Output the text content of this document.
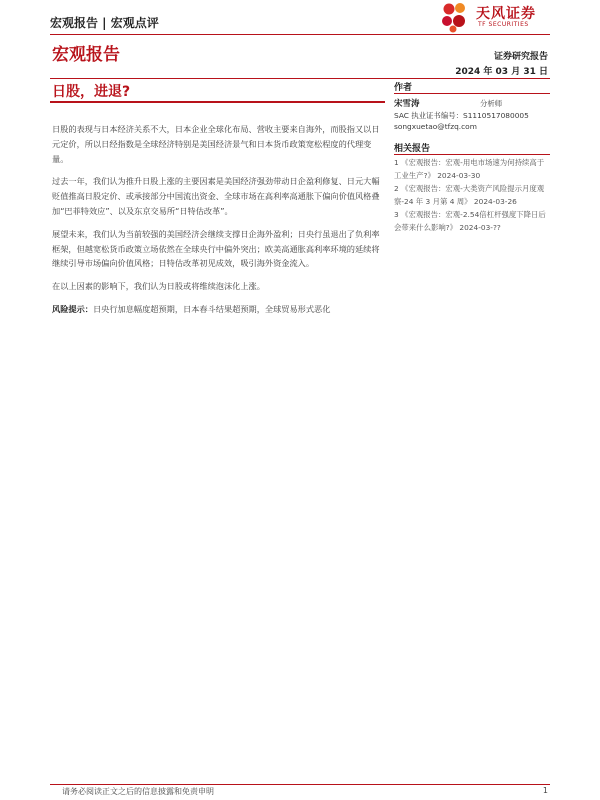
宏观报告 | 宏观点评
天风证券
TF SECURITIES
宏观报告	证券研究报告
2024 年 03 月 31 日
日股，进退?

日股的表现与日本经济关系不大，日本企业全球化布局、营收主要来自海外，而股指又以日元定价，所以日经指数是全球经济特别是美国经济景气和日本货币政策宽松程度的代理变量。

过去一年，我们认为推升日股上涨的主要因素是美国经济强劲带动日企盈利修复、日元大幅贬值推高日股定价、或承接部分中国流出资金、全球市场在高利率高通胀下偏向价值风格叠加“巴菲特效应”、以及东京交易所“日特估改革”。

展望未来，我们认为当前较强的美国经济会继续支撑日企海外盈利；日央行虽退出了负利率框架，但越宽松货币政策立场依然在全球央行中偏外突出；欧美高通胀高利率环境的延续将继续引导市场偏向价值风格；日特估改革初见成效，吸引海外资金流入。

在以上因素的影响下，我们认为日股或将维续泡沫化上涨。

风险提示：日央行加息幅度超预期，日本春斗结果超预期，全球贸易形式恶化

作者
宋雪涛	分析师
SAC 执业证书编号：S1110517080005
songxuetao@tfzq.com
相关报告
1 《宏观报告：宏观-用电市场速为何持续高于工业生产?》 2024-03-30
2 《宏观报告：宏观-大类资产风险提示月度观察-24 年 3 月第 4 周》 2024-03-26
3 《宏观报告：宏观-2.54倍杠杆强度下降日后会带来什么影响?》 2024-03-??
请务必阅读正文之后的信息披露和免责申明	1
